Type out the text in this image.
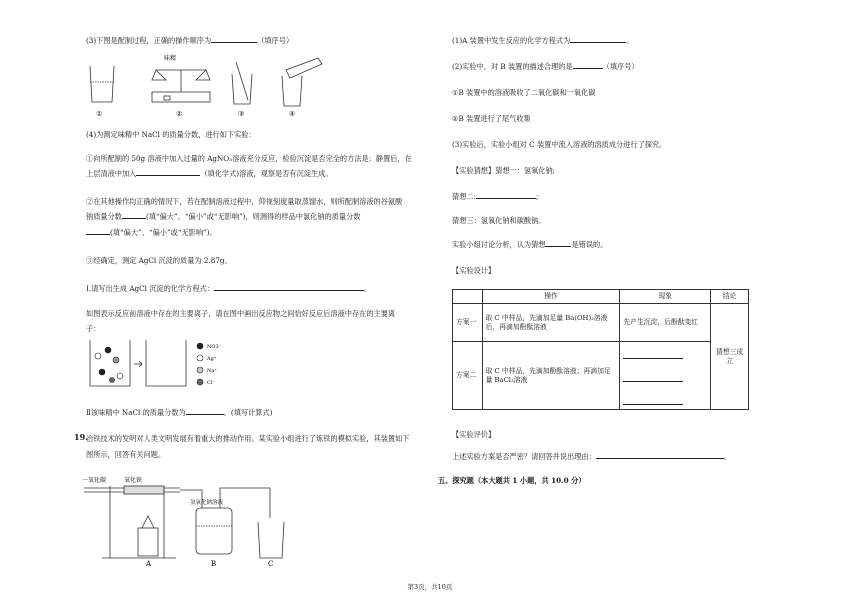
(3)下图是配制过程，正确的操作顺序为	（填序号）
①	②	③	④
味精
(4)为测定味精中 NaCl 的质量分数，进行如下实验：
①向所配制的 50g 溶液中加入过量的 AgNO₃溶液充分反应，检验沉淀是否完全的方法是：静置后，在
上层清液中加入	（填化学式)溶液，观察是否有沉淀生成。
②在其他操作均正确的情况下，若在配制溶液过程中，仰视刻度量取蒸馏水，则所配制溶液的谷氨酸
钠质量分数	(填“偏大”、“偏小”或“无影响”)，则测得的样品中氯化钠的质量分数
(填“偏大”、“偏小”或“无影响”)。
③经确定，测定 AgCl 沉淀的质量为 2.87g。
Ⅰ.请写出生成 AgCl 沉淀的化学方程式：	。
如图表示反应前溶液中存在的主要离子，请在图中画出反应物之间恰好反应后溶液中存在的主要离
子：
NO3⁻
Ag⁺
Na⁺
Cl⁻
Ⅱ该味精中 NaCl 的质量分数为	。(填写计算式)
19.
冶铁技术的发明对人类文明发展有着重大的推动作用。某实验小组进行了炼铁的模拟实验，其装置如下
图所示，回答有关问题。
一氧化碳	氧化铁
氢氧化钠溶液
A	B	C
(1)A 装置中发生反应的化学方程式为	。
(2)实验中，对 B 装置的描述合理的是	（填序号）
①B 装置中的溶液吸收了二氧化碳和一氧化碳
②B 装置进行了尾气收集
(3)实验后，实验小组对 C 装置中流入溶液的溶质成分进行了探究。
【实验猜想】猜想一：氢氧化钠;
猜想二:	;
猜想三：氢氧化钠和碳酸钠。
实验小组讨论分析，认为猜想	是错误的。
【实验设计】
	操作	现象	结论
方案一	取 C 中样品，先滴加足量 Ba(OH)₂溶液后，再滴加酚酞溶液	先产生沉淀，后酚酞变红	猜想三成立
方案二	取 C 中样品，先滴加酚酞溶液；再滴加足量 BaCl₂溶液		
【实验评价】
上述实验方案是否严密？请回答并说出理由：	。
五、探究题（本大题共 1 小题，共 10.0 分）
第3页，共10页
